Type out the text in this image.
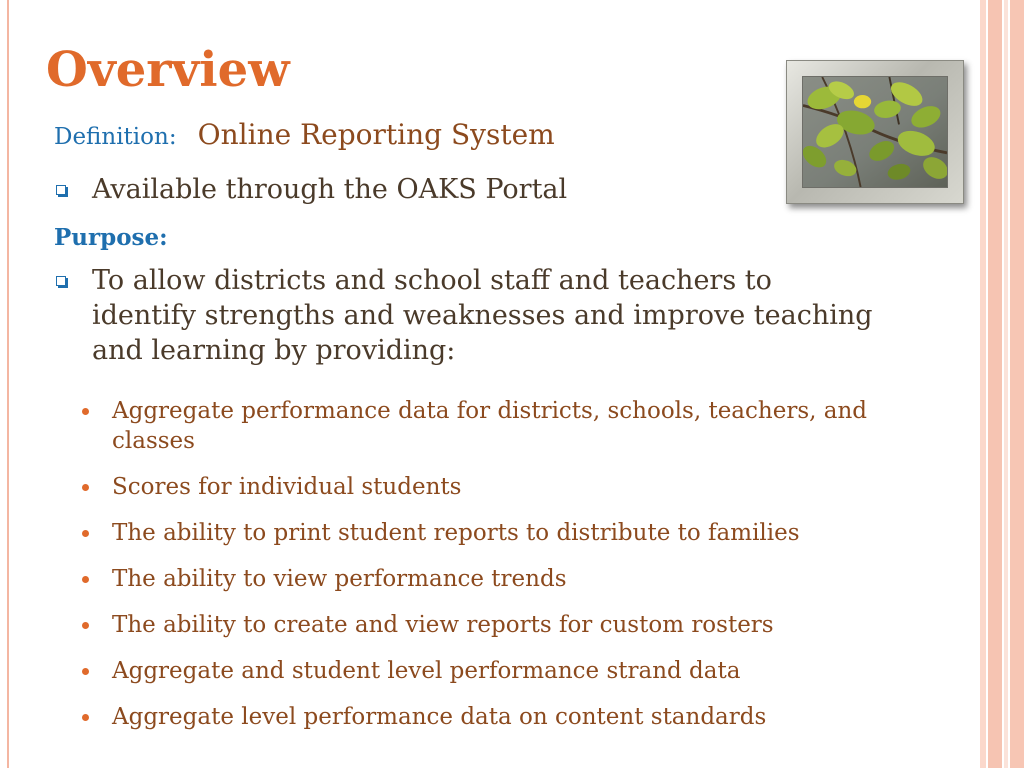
Overview
Definition: Online Reporting System
Available through the OAKS Portal
Purpose:
To allow districts and school staff and teachers to identify strengths and weaknesses and improve teaching and learning by providing:
Aggregate performance data for districts, schools, teachers, and classes
Scores for individual students
The ability to print student reports to distribute to families
The ability to view performance trends
The ability to create and view reports for custom rosters
Aggregate and student level performance strand data
Aggregate level performance data on content standards
